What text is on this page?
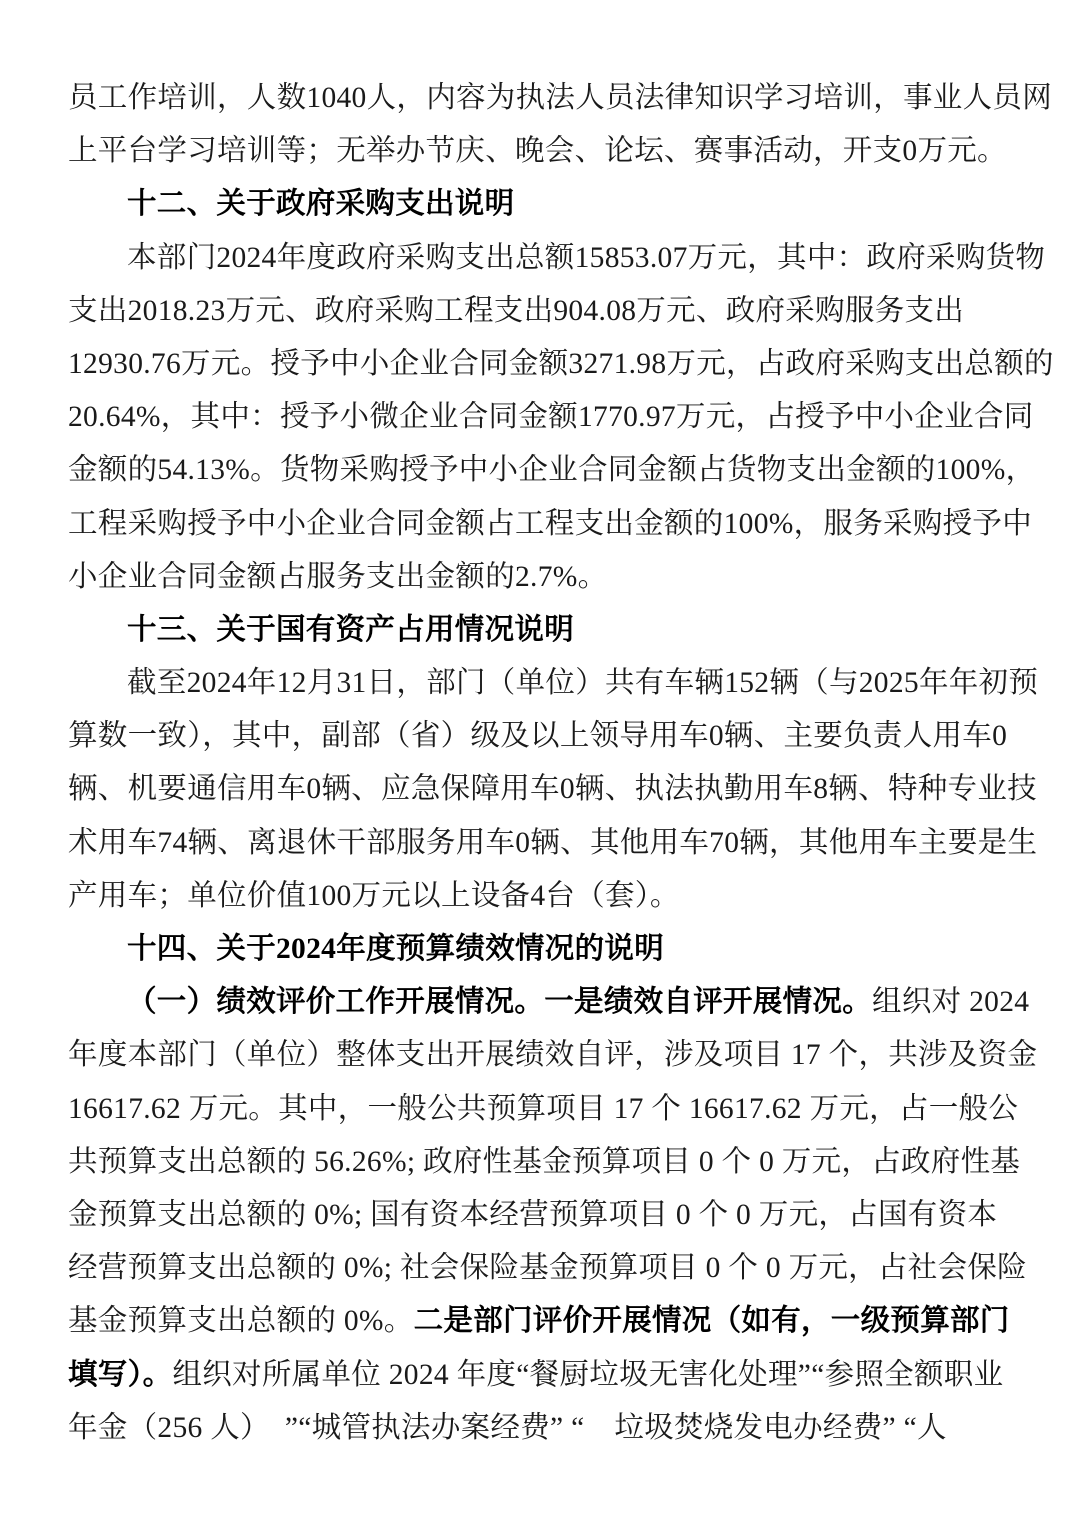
员工作培训，人数1040人，内容为执法人员法律知识学习培训，事业人员网
上平台学习培训等；无举办节庆、晚会、论坛、赛事活动，开支0万元。
十二、关于政府采购支出说明
本部门2024年度政府采购支出总额15853.07万元，其中：政府采购货物
支出2018.23万元、政府采购工程支出904.08万元、政府采购服务支出
12930.76万元。授予中小企业合同金额3271.98万元，占政府采购支出总额的
20.64%，其中：授予小微企业合同金额1770.97万元，占授予中小企业合同
金额的54.13%。货物采购授予中小企业合同金额占货物支出金额的100%，
工程采购授予中小企业合同金额占工程支出金额的100%，服务采购授予中
小企业合同金额占服务支出金额的2.7%。
十三、关于国有资产占用情况说明
截至2024年12月31日，部门（单位）共有车辆152辆（与2025年年初预
算数一致），其中，副部（省）级及以上领导用车0辆、主要负责人用车0
辆、机要通信用车0辆、应急保障用车0辆、执法执勤用车8辆、特种专业技
术用车74辆、离退休干部服务用车0辆、其他用车70辆，其他用车主要是生
产用车；单位价值100万元以上设备4台（套）。
十四、关于2024年度预算绩效情况的说明
（一）绩效评价工作开展情况。一是绩效自评开展情况。组织对 2024
年度本部门（单位）整体支出开展绩效自评，涉及项目 17 个，共涉及资金
16617.62 万元。其中，一般公共预算项目 17 个 16617.62 万元，占一般公
共预算支出总额的 56.26%; 政府性基金预算项目 0 个 0 万元，占政府性基
金预算支出总额的 0%; 国有资本经营预算项目 0 个 0 万元，占国有资本
经营预算支出总额的 0%; 社会保险基金预算项目 0 个 0 万元，占社会保险
基金预算支出总额的 0%。二是部门评价开展情况（如有，一级预算部门
填写）。组织对所属单位 2024 年度“餐厨垃圾无害化处理”“参照全额职业
年金（256 人）　”“城管执法办案经费” “　垃圾焚烧发电办经费” “人
